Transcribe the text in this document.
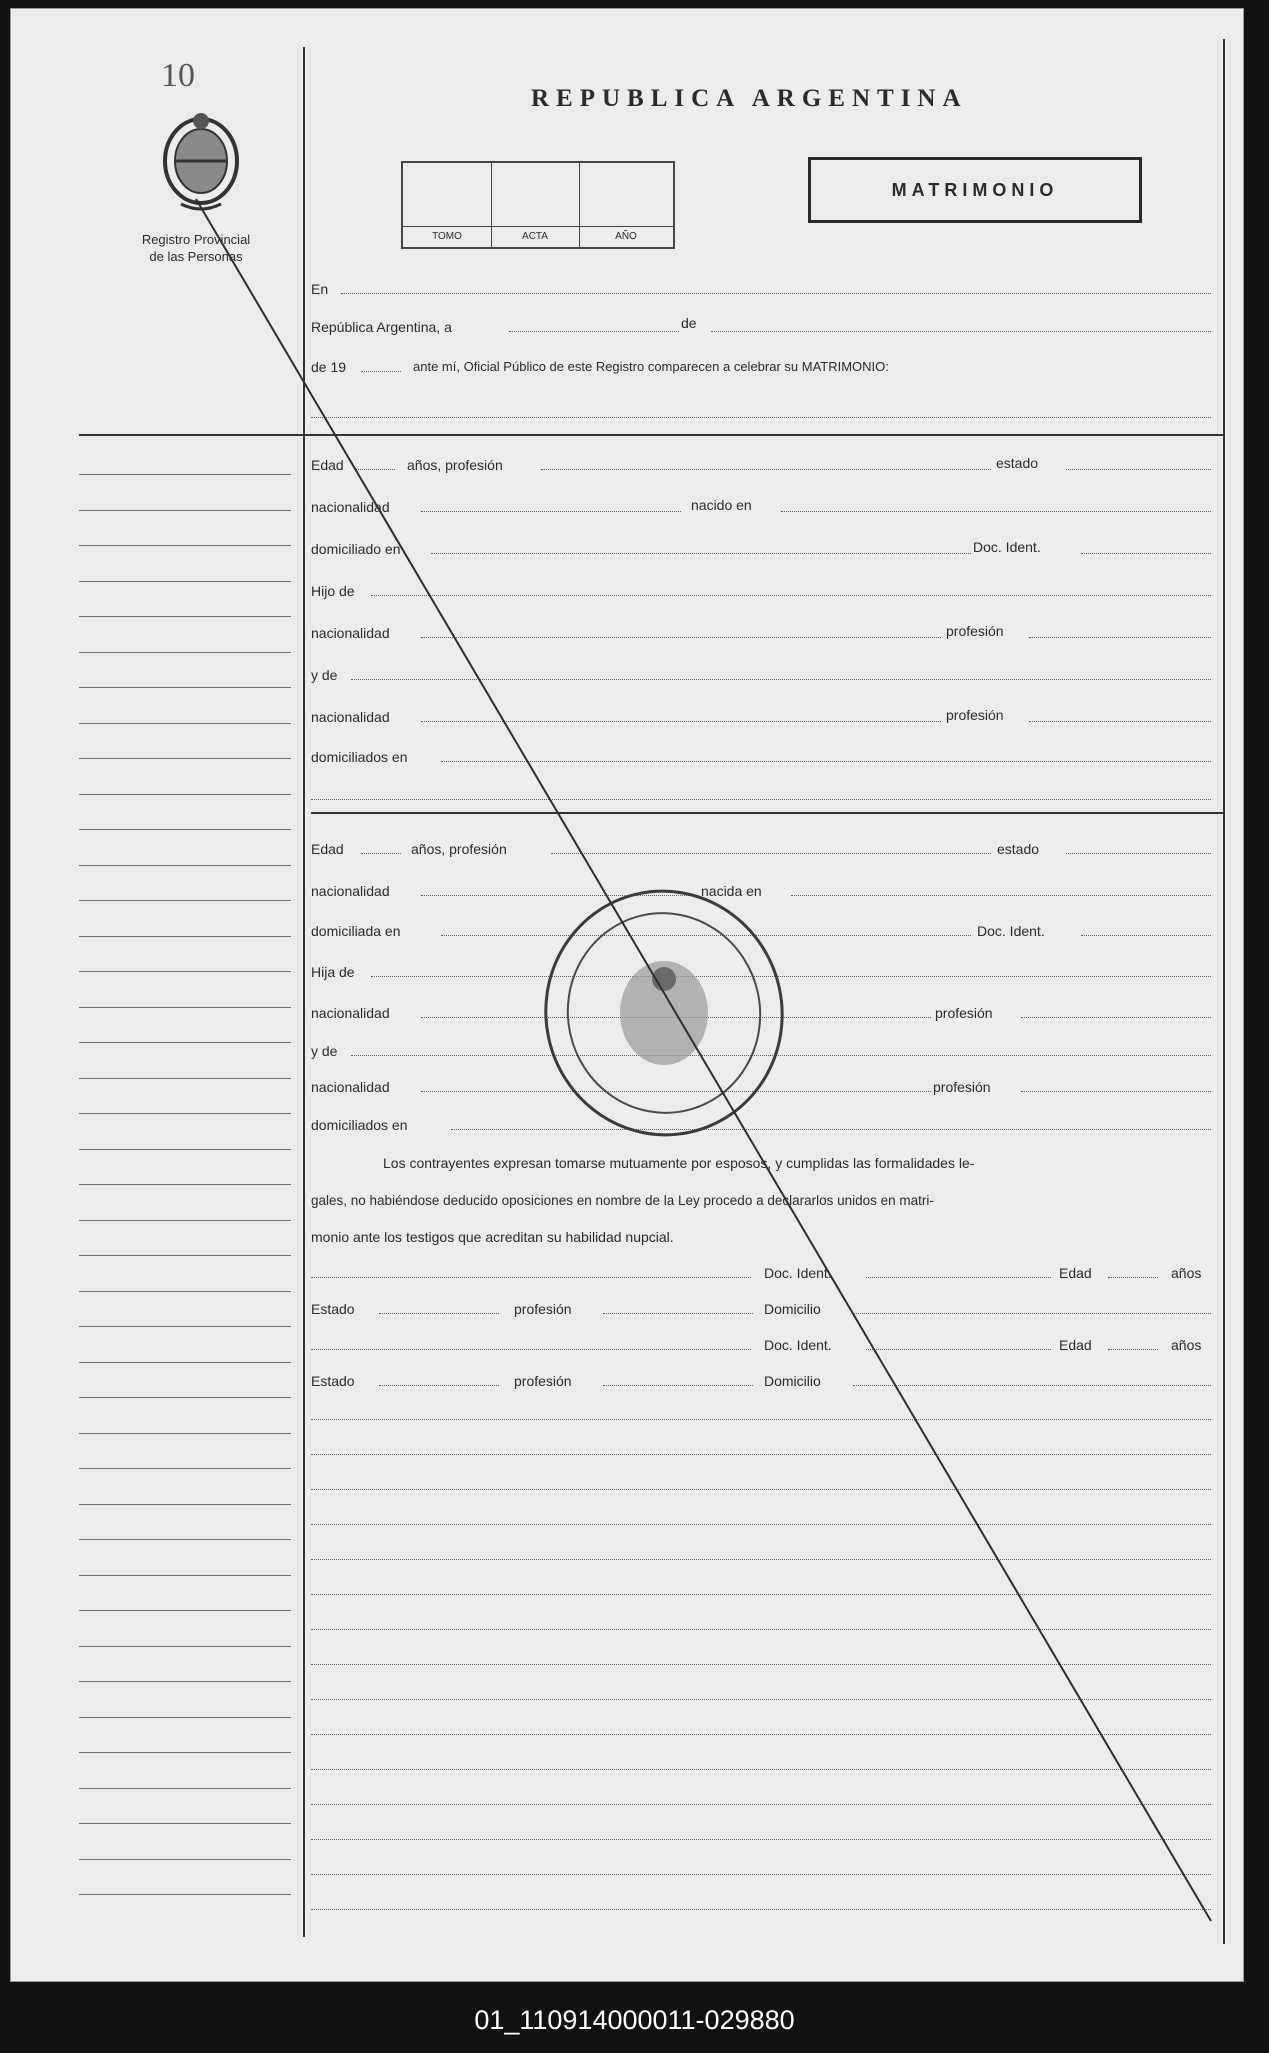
10
Registro Provincial
de las Personas
REPUBLICA ARGENTINA
TOMO	ACTA	AÑO
MATRIMONIO
En
República Argentina, a	de
de 19	ante mí, Oficial Público de este Registro comparecen a celebrar su MATRIMONIO:
Edad	años, profesión	estado
nacionalidad	nacido en
domiciliado en	Doc. Ident.
Hijo de
nacionalidad	profesión
y de
nacionalidad	profesión
domiciliados en
Edad	años, profesión	estado
nacionalidad	nacida en
domiciliada en	Doc. Ident.
Hija de
nacionalidad	profesión
y de
nacionalidad	profesión
domiciliados en
Los contrayentes expresan tomarse mutuamente por esposos, y cumplidas las formalidades le-
gales, no habiéndose deducido oposiciones en nombre de la Ley procedo a declararlos unidos en matri-
monio ante los testigos que acreditan su habilidad nupcial.
Doc. Ident.	Edad	años
Estado	profesión	Domicilio
Doc. Ident.	Edad	años
Estado	profesión	Domicilio
01_110914000011-029880
